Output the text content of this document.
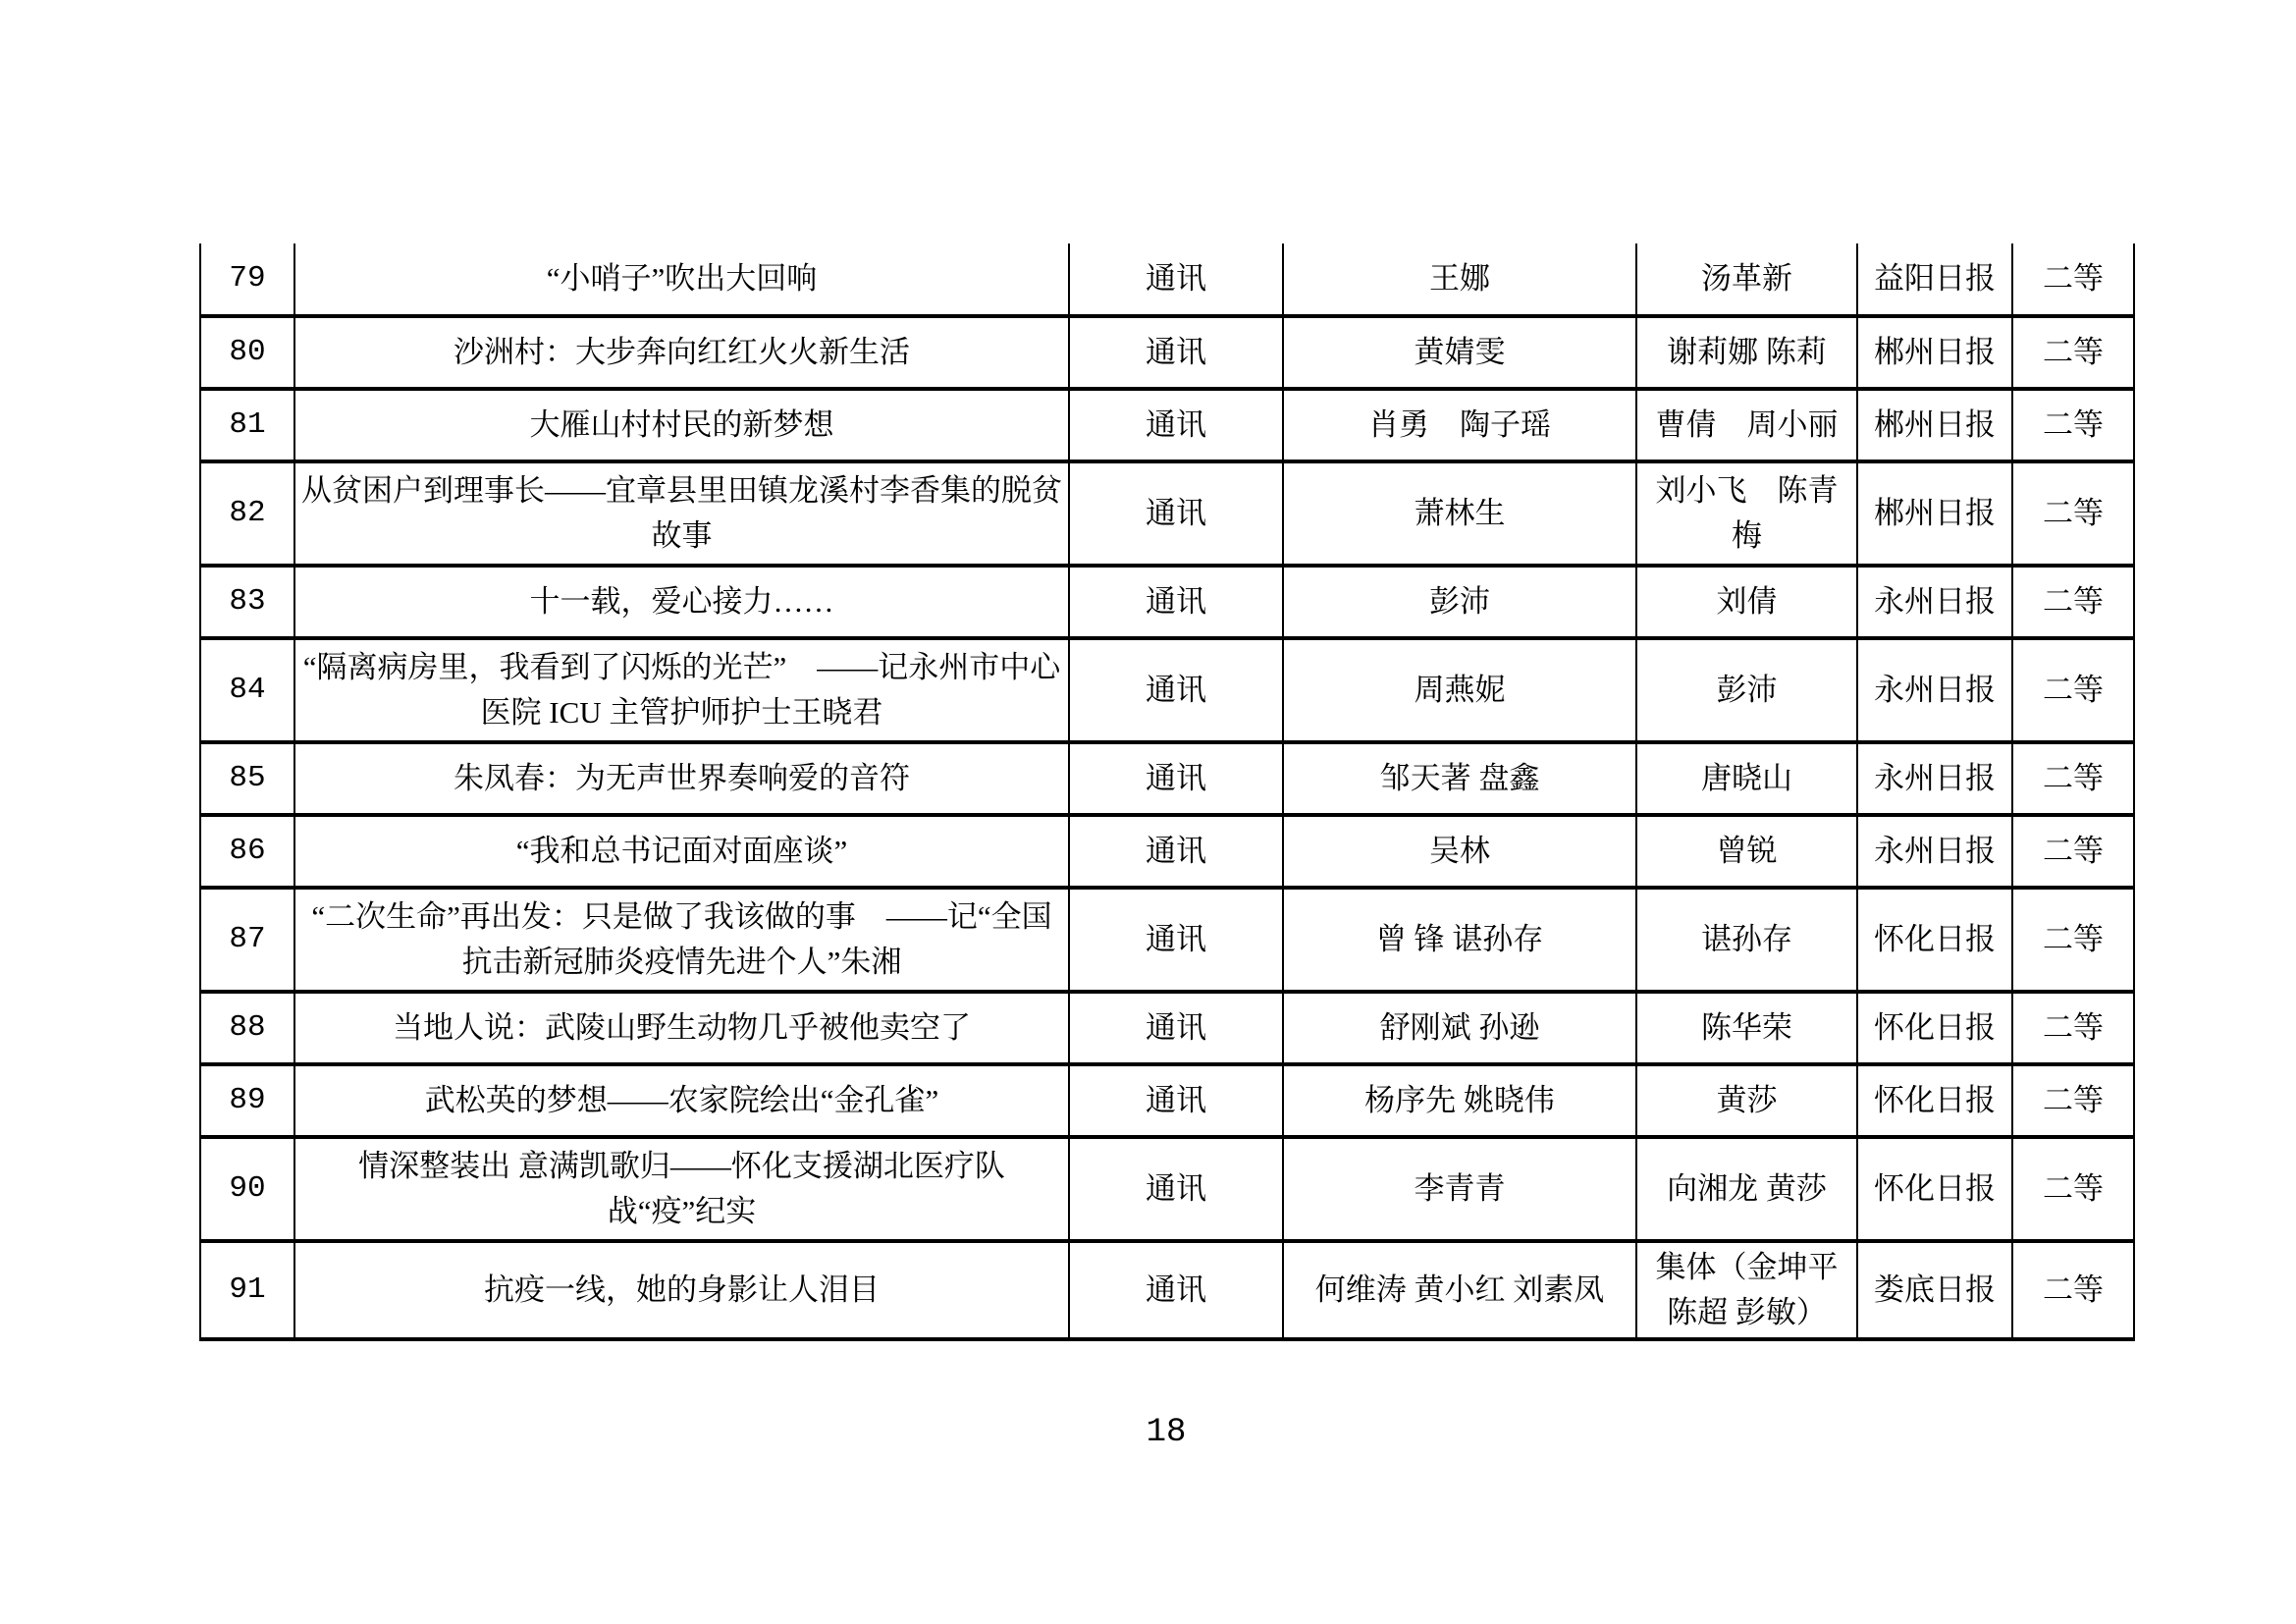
79	“小哨子”吹出大回响	通讯	王娜	汤革新	益阳日报	二等
80	沙洲村：大步奔向红红火火新生活	通讯	黄婧雯	谢莉娜 陈莉	郴州日报	二等
81	大雁山村村民的新梦想	通讯	肖勇　陶子瑶	曹倩　周小丽	郴州日报	二等
82	从贫困户到理事长——宜章县里田镇龙溪村李香集的脱贫故事	通讯	萧林生	刘小飞　陈青梅	郴州日报	二等
83	十一载，爱心接力……	通讯	彭沛	刘倩	永州日报	二等
84	“隔离病房里，我看到了闪烁的光芒”　——记永州市中心医院 ICU 主管护师护士王晓君	通讯	周燕妮	彭沛	永州日报	二等
85	朱凤春：为无声世界奏响爱的音符	通讯	邹天著 盘鑫	唐晓山	永州日报	二等
86	“我和总书记面对面座谈”	通讯	吴林	曾锐	永州日报	二等
87	“二次生命”再出发：只是做了我该做的事　——记“全国抗击新冠肺炎疫情先进个人”朱湘	通讯	曾 锋 谌孙存	谌孙存	怀化日报	二等
88	当地人说：武陵山野生动物几乎被他卖空了	通讯	舒刚斌 孙逊	陈华荣	怀化日报	二等
89	武松英的梦想——农家院绘出“金孔雀”	通讯	杨序先 姚晓伟	黄莎	怀化日报	二等
90	情深整装出 意满凯歌归——怀化支援湖北医疗队战“疫”纪实	通讯	李青青	向湘龙 黄莎	怀化日报	二等
91	抗疫一线，她的身影让人泪目	通讯	何维涛 黄小红 刘素凤	集体（金坤平 陈超 彭敏）	娄底日报	二等
18
